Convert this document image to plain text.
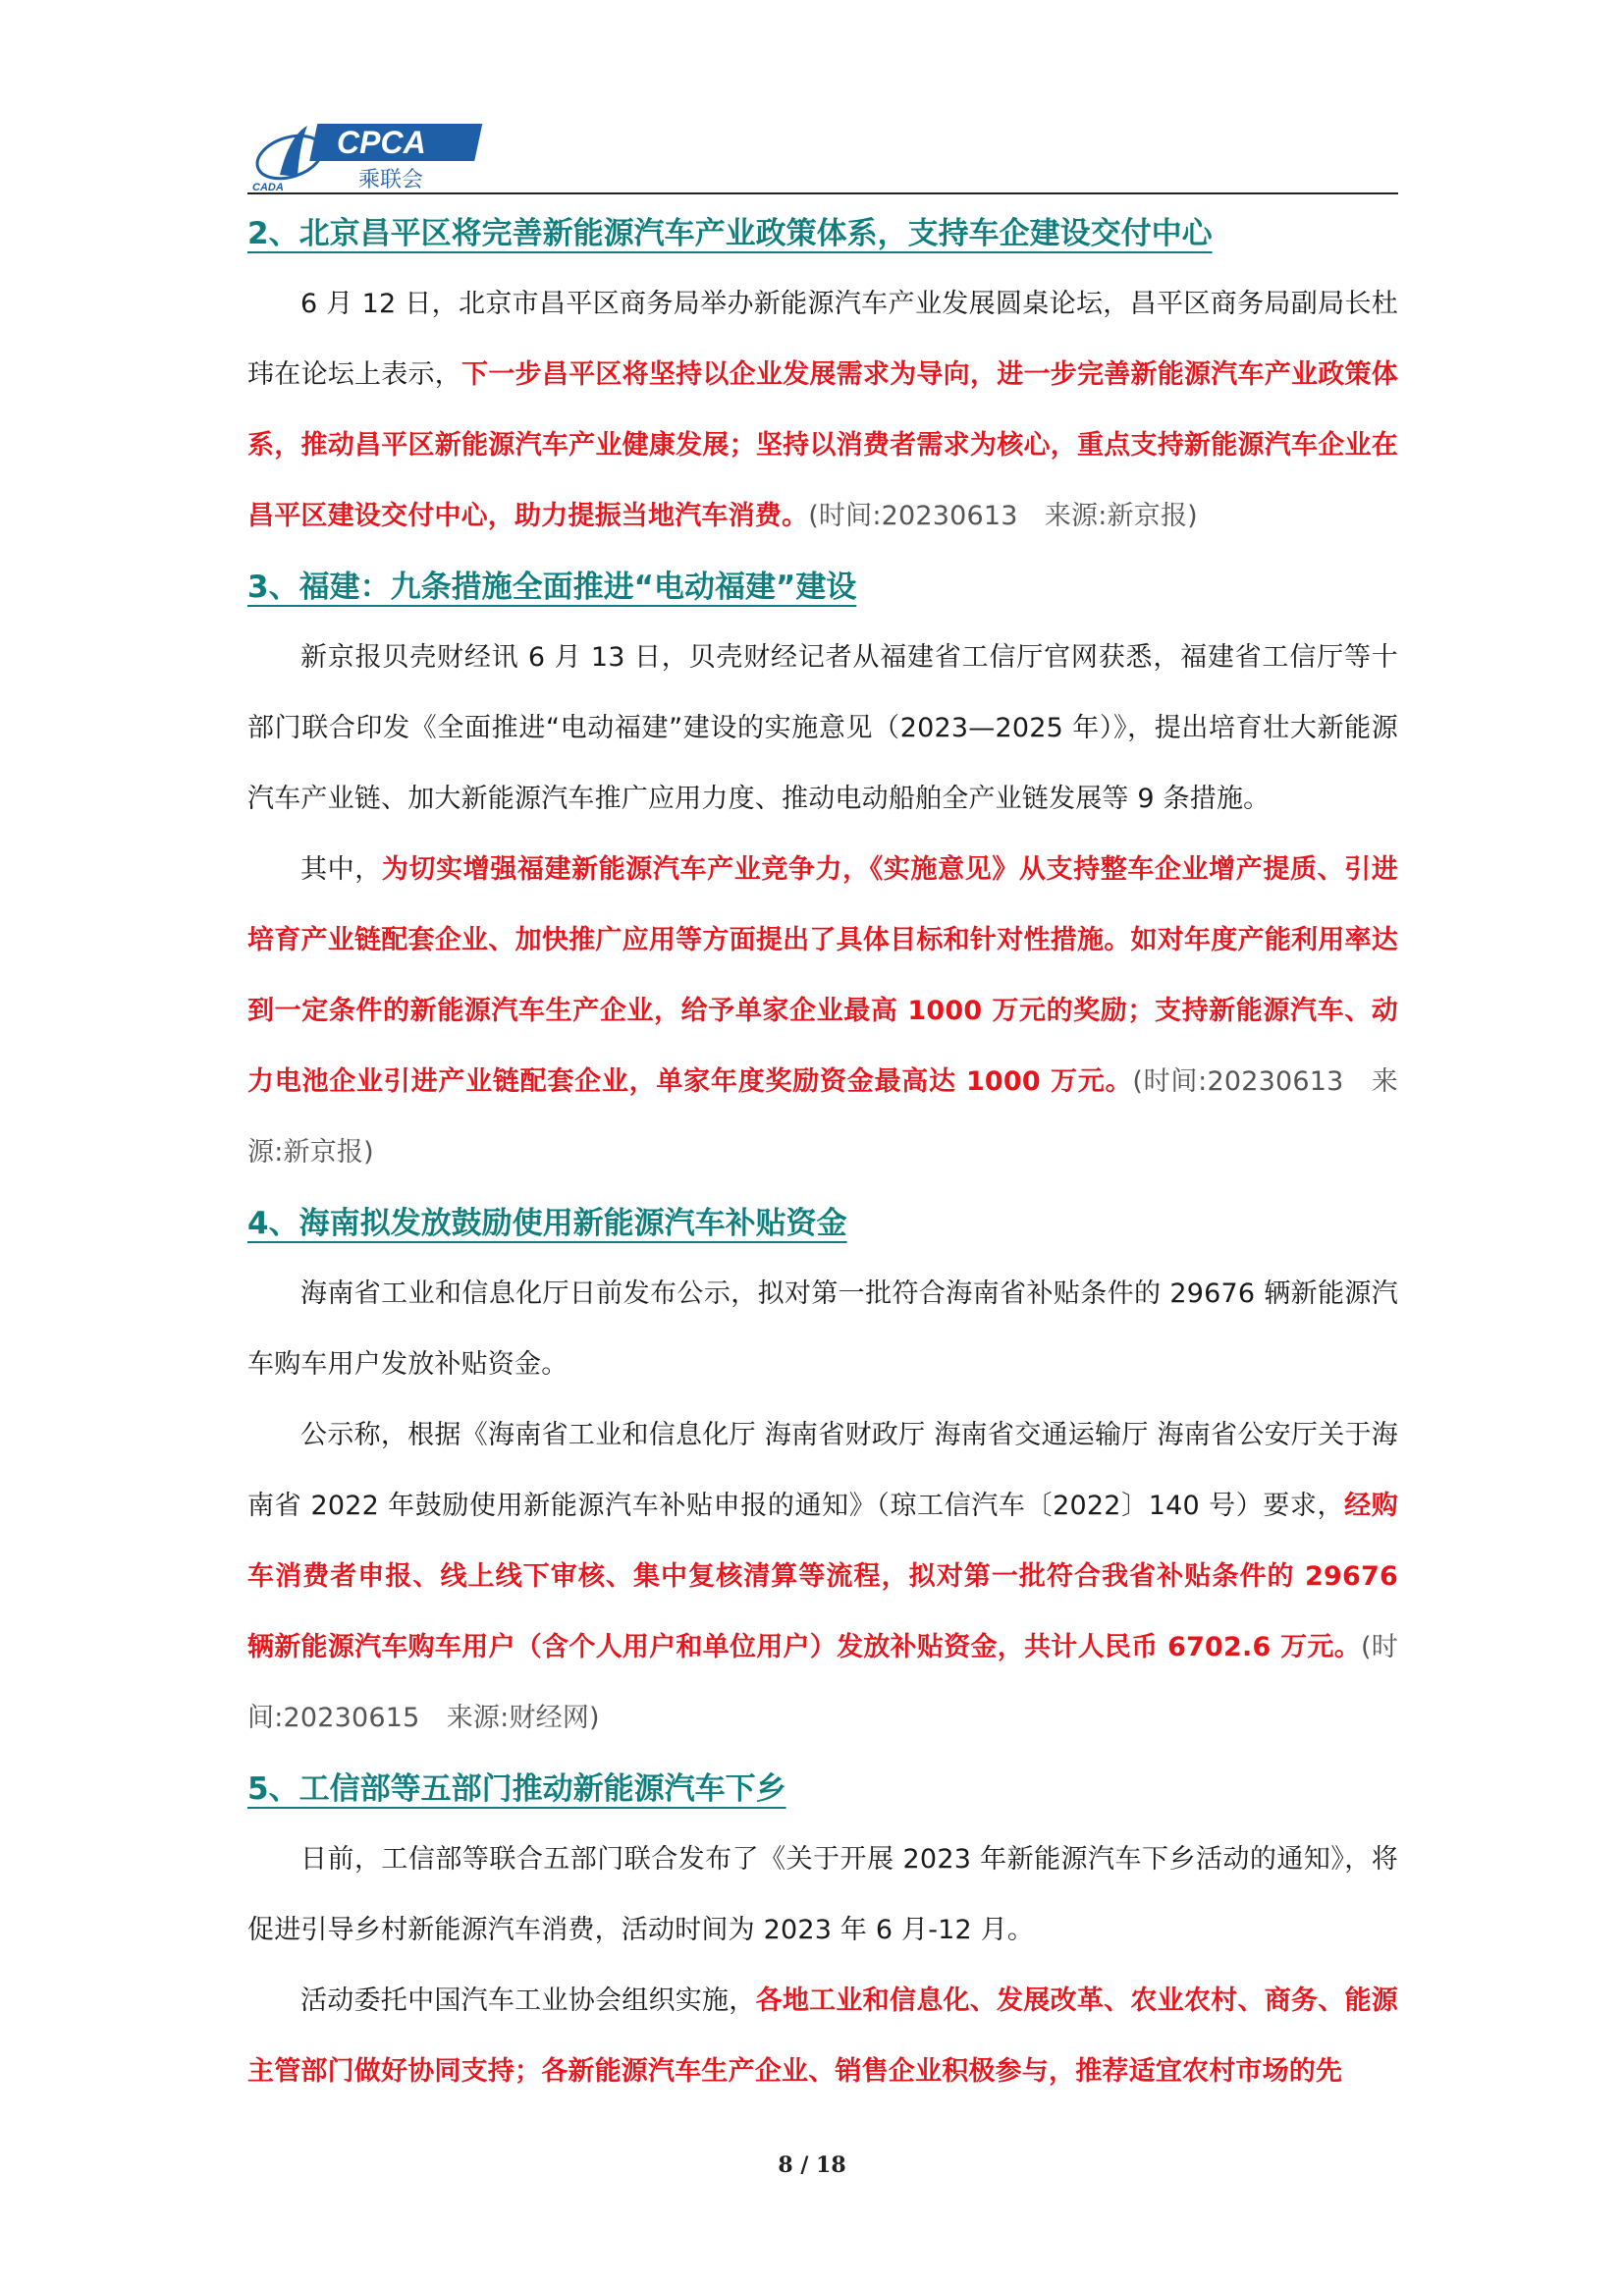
CPCA
CADA	乘联会
2、北京昌平区将完善新能源汽车产业政策体系，支持车企建设交付中心

6 月 12 日，北京市昌平区商务局举办新能源汽车产业发展圆桌论坛，昌平区商务局副局长杜玮在论坛上表示，下一步昌平区将坚持以企业发展需求为导向，进一步完善新能源汽车产业政策体系，推动昌平区新能源汽车产业健康发展；坚持以消费者需求为核心，重点支持新能源汽车企业在昌平区建设交付中心，助力提振当地汽车消费。(时间:20230613　来源:新京报)

3、福建：九条措施全面推进“电动福建”建设

新京报贝壳财经讯 6 月 13 日，贝壳财经记者从福建省工信厅官网获悉，福建省工信厅等十部门联合印发《全面推进“电动福建”建设的实施意见（2023—2025 年）》，提出培育壮大新能源汽车产业链、加大新能源汽车推广应用力度、推动电动船舶全产业链发展等 9 条措施。

其中，为切实增强福建新能源汽车产业竞争力，《实施意见》从支持整车企业增产提质、引进培育产业链配套企业、加快推广应用等方面提出了具体目标和针对性措施。如对年度产能利用率达到一定条件的新能源汽车生产企业，给予单家企业最高 1000 万元的奖励；支持新能源汽车、动力电池企业引进产业链配套企业，单家年度奖励资金最高达 1000 万元。(时间:20230613　来源:新京报)

4、海南拟发放鼓励使用新能源汽车补贴资金

海南省工业和信息化厅日前发布公示，拟对第一批符合海南省补贴条件的 29676 辆新能源汽车购车用户发放补贴资金。

公示称，根据《海南省工业和信息化厅 海南省财政厅 海南省交通运输厅 海南省公安厅关于海南省 2022 年鼓励使用新能源汽车补贴申报的通知》（琼工信汽车〔2022〕140 号）要求，经购车消费者申报、线上线下审核、集中复核清算等流程，拟对第一批符合我省补贴条件的 29676 辆新能源汽车购车用户（含个人用户和单位用户）发放补贴资金，共计人民币 6702.6 万元。(时间:20230615　来源:财经网)

5、工信部等五部门推动新能源汽车下乡

日前，工信部等联合五部门联合发布了《关于开展 2023 年新能源汽车下乡活动的通知》，将促进引导乡村新能源汽车消费，活动时间为 2023 年 6 月-12 月。

活动委托中国汽车工业协会组织实施，各地工业和信息化、发展改革、农业农村、商务、能源主管部门做好协同支持；各新能源汽车生产企业、销售企业积极参与，推荐适宜农村市场的先

8 / 18
